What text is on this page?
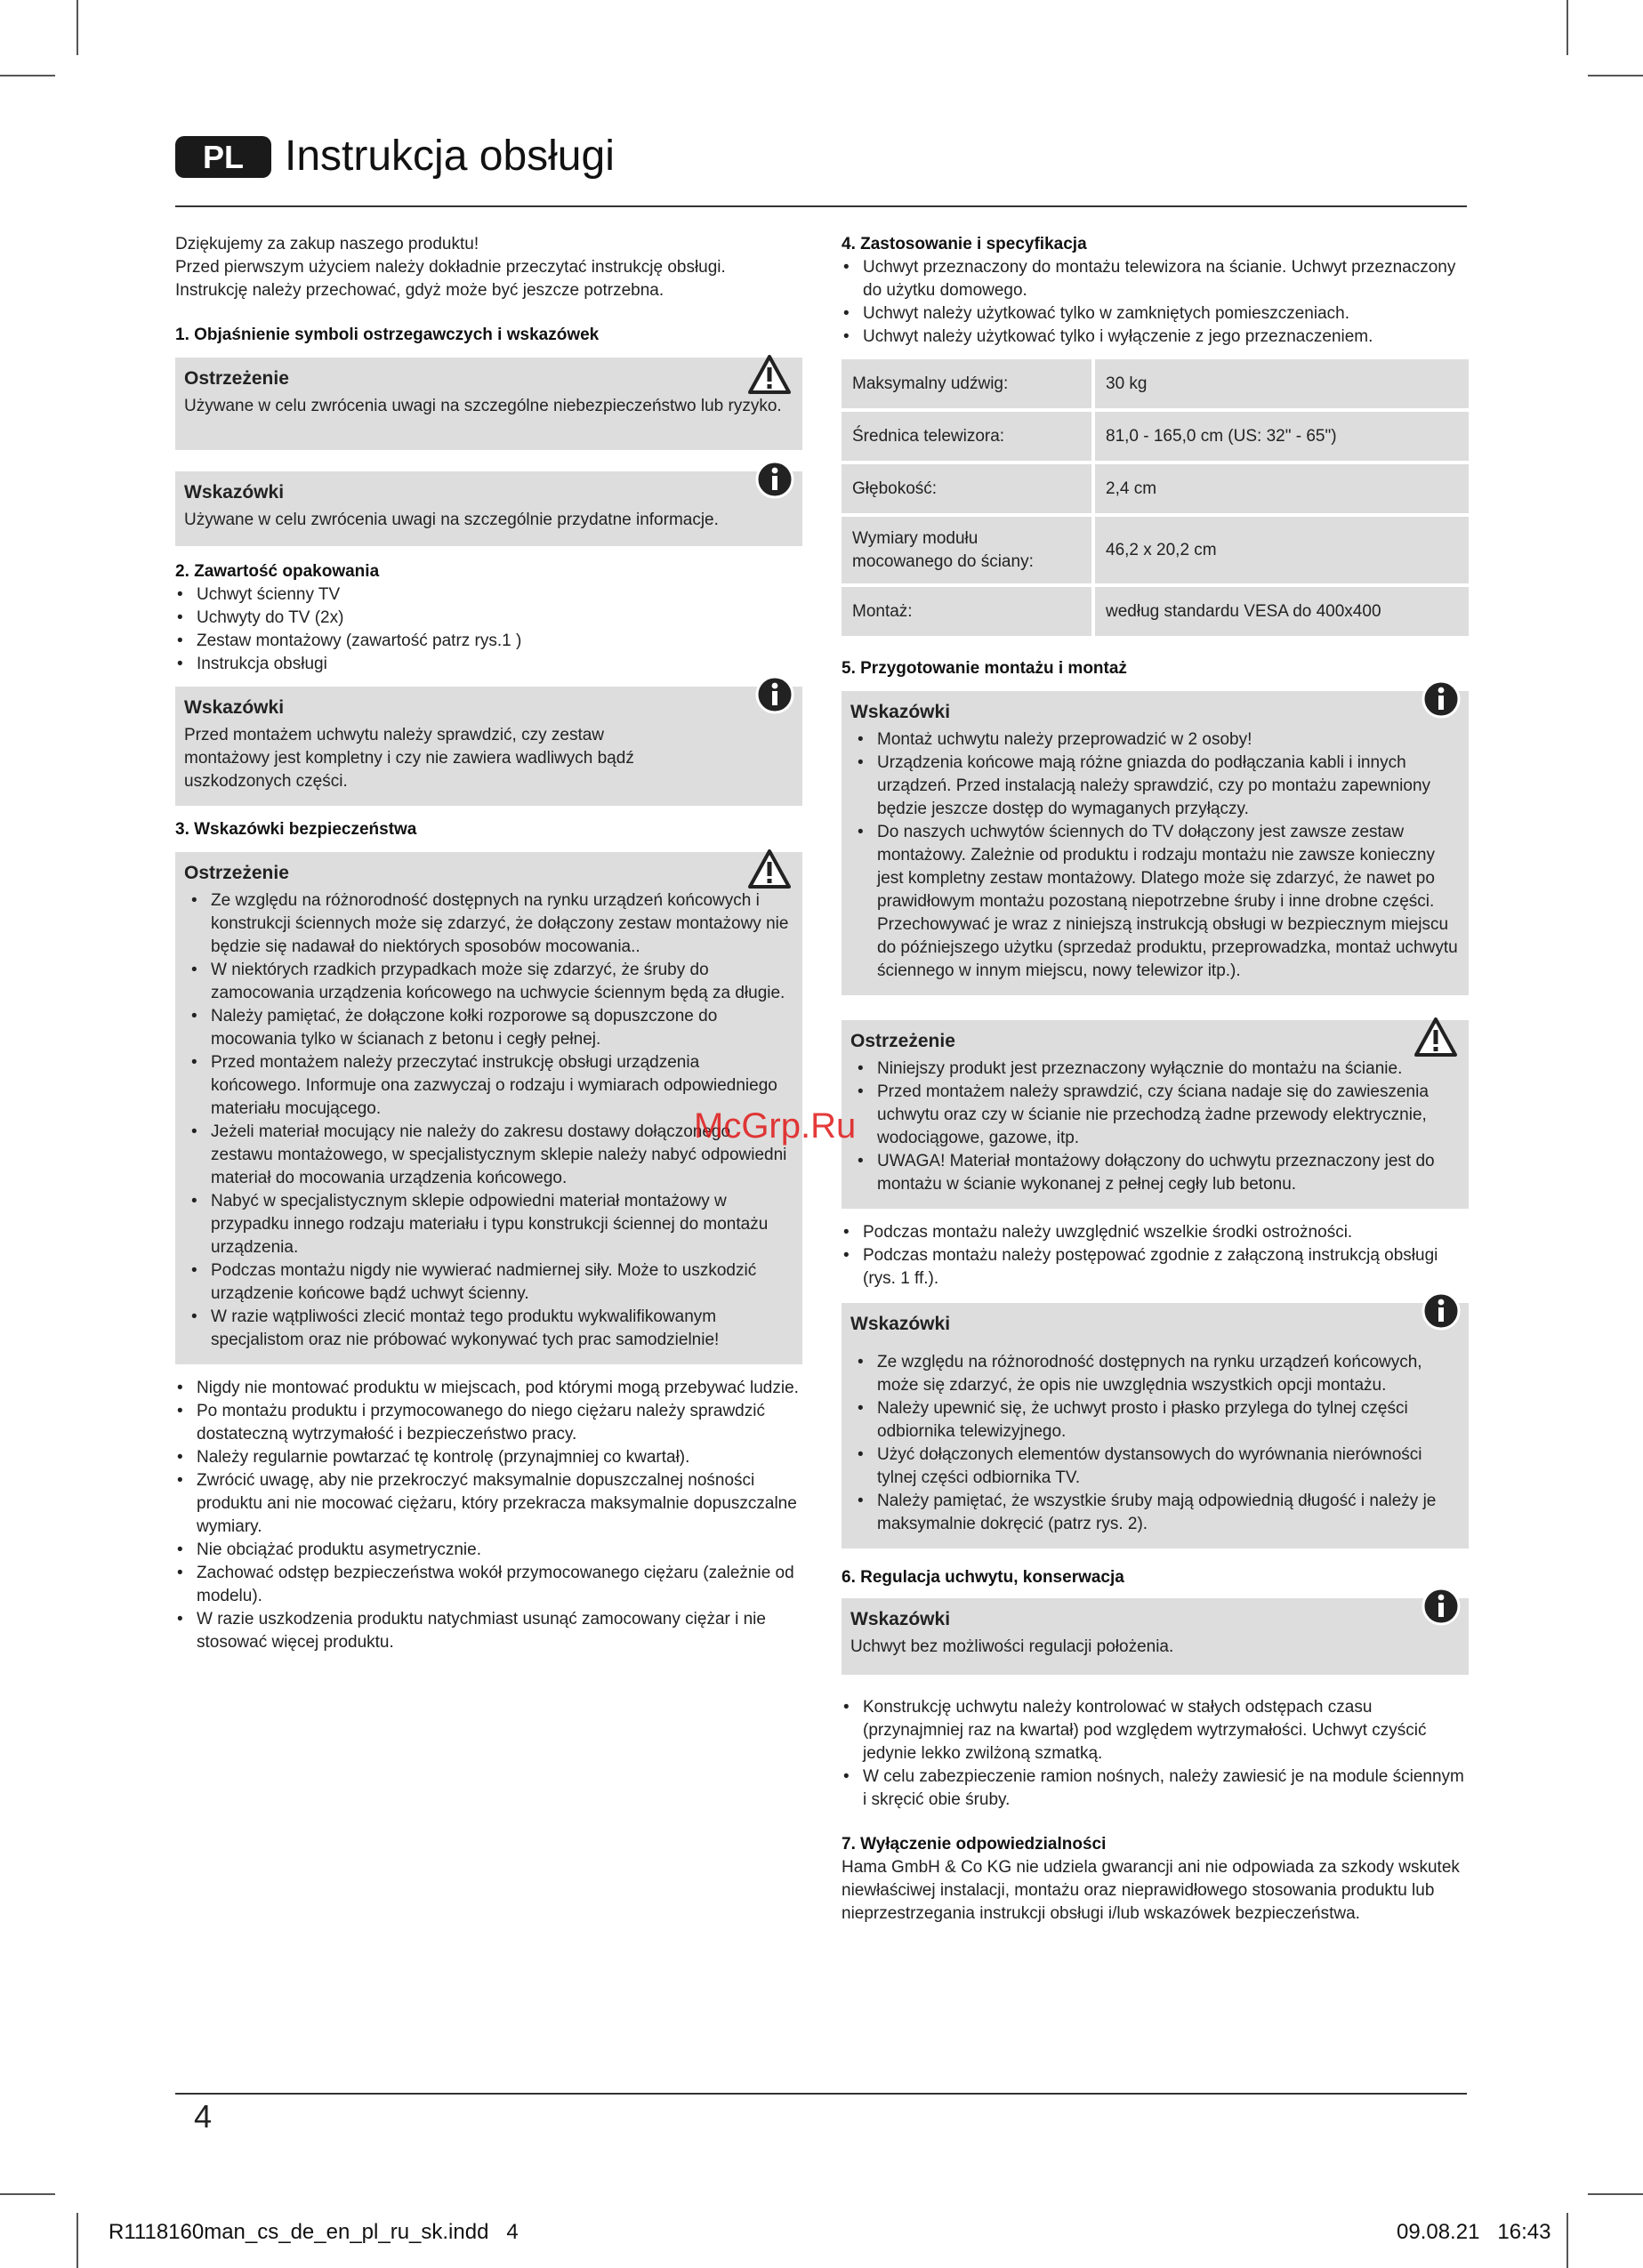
PL Instrukcja obsługi

Dziękujemy za zakup naszego produktu!

Przed pierwszym użyciem należy dokładnie przeczytać instrukcję obsługi. Instrukcję należy przechować, gdyż może być jeszcze potrzebna.

1. Objaśnienie symboli ostrzegawczych i wskazówek
Ostrzeżenie

Używane w celu zwrócenia uwagi na szczególne niebezpieczeństwo lub ryzyko.

Wskazówki

Używane w celu zwrócenia uwagi na szczególnie przydatne informacje.

2. Zawartość opakowania
• Uchwyt ścienny TV
• Uchwyty do TV (2x)
• Zestaw montażowy (zawartość patrz rys.1 )
• Instrukcja obsługi
Wskazówki

Przed montażem uchwytu należy sprawdzić, czy zestaw montażowy jest kompletny i czy nie zawiera wadliwych bądź uszkodzonych części.

3. Wskazówki bezpieczeństwa
Ostrzeżenie
• Ze względu na różnorodność dostępnych na rynku urządzeń końcowych i konstrukcji ściennych może się zdarzyć, że dołączony zestaw montażowy nie będzie się nadawał do niektórych sposobów mocowania..
• W niektórych rzadkich przypadkach może się zdarzyć, że śruby do zamocowania urządzenia końcowego na uchwycie ściennym będą za długie.
• Należy pamiętać, że dołączone kołki rozporowe są dopuszczone do mocowania tylko w ścianach z betonu i cegły pełnej.
• Przed montażem należy przeczytać instrukcję obsługi urządzenia końcowego. Informuje ona zazwyczaj o rodzaju i wymiarach odpowiedniego materiału mocującego.
• Jeżeli materiał mocujący nie należy do zakresu dostawy dołączonego zestawu montażowego, w specjalistycznym sklepie należy nabyć odpowiedni materiał do mocowania urządzenia końcowego.
• Nabyć w specjalistycznym sklepie odpowiedni materiał montażowy w przypadku innego rodzaju materiału i typu konstrukcji ściennej do montażu urządzenia.
• Podczas montażu nigdy nie wywierać nadmiernej siły. Może to uszkodzić urządzenie końcowe bądź uchwyt ścienny.
• W razie wątpliwości zlecić montaż tego produktu wykwalifikowanym specjalistom oraz nie próbować wykonywać tych prac samodzielnie!
• Nigdy nie montować produktu w miejscach, pod którymi mogą przebywać ludzie.
• Po montażu produktu i przymocowanego do niego ciężaru należy sprawdzić dostateczną wytrzymałość i bezpieczeństwo pracy.
• Należy regularnie powtarzać tę kontrolę (przynajmniej co kwartał).
• Zwrócić uwagę, aby nie przekroczyć maksymalnie dopuszczalnej nośności produktu ani nie mocować ciężaru, który przekracza maksymalnie dopuszczalne wymiary.
• Nie obciążać produktu asymetrycznie.
• Zachować odstęp bezpieczeństwa wokół przymocowanego ciężaru (zależnie od modelu).
• W razie uszkodzenia produktu natychmiast usunąć zamocowany ciężar i nie stosować więcej produktu.
4. Zastosowanie i specyfikacja
• Uchwyt przeznaczony do montażu telewizora na ścianie. Uchwyt przeznaczony do użytku domowego.
• Uchwyt należy użytkować tylko w zamkniętych pomieszczeniach.
• Uchwyt należy użytkować tylko i wyłączenie z jego przeznaczeniem.
Maksymalny udźwig:	30 kg
Średnica telewizora:	81,0 - 165,0 cm (US: 32" - 65")
Głębokość:	2,4 cm
Wymiary modułu mocowanego do ściany:	46,2 x 20,2 cm
Montaż:	według standardu VESA do 400x400
5. Przygotowanie montażu i montaż
Wskazówki
• Montaż uchwytu należy przeprowadzić w 2 osoby!
• Urządzenia końcowe mają różne gniazda do podłączania kabli i innych urządzeń. Przed instalacją należy sprawdzić, czy po montażu zapewniony będzie jeszcze dostęp do wymaganych przyłączy.
• Do naszych uchwytów ściennych do TV dołączony jest zawsze zestaw montażowy. Zależnie od produktu i rodzaju montażu nie zawsze konieczny jest kompletny zestaw montażowy. Dlatego może się zdarzyć, że nawet po prawidłowym montażu pozostaną niepotrzebne śruby i inne drobne części. Przechowywać je wraz z niniejszą instrukcją obsługi w bezpiecznym miejscu do późniejszego użytku (sprzedaż produktu, przeprowadzka, montaż uchwytu ściennego w innym miejscu, nowy telewizor itp.).
Ostrzeżenie
• Niniejszy produkt jest przeznaczony wyłącznie do montażu na ścianie.
• Przed montażem należy sprawdzić, czy ściana nadaje się do zawieszenia uchwytu oraz czy w ścianie nie przechodzą żadne przewody elektrycznie, wodociągowe, gazowe, itp.
• UWAGA! Materiał montażowy dołączony do uchwytu przeznaczony jest do montażu w ścianie wykonanej z pełnej cegły lub betonu.
• Podczas montażu należy uwzględnić wszelkie środki ostrożności.
• Podczas montażu należy postępować zgodnie z załączoną instrukcją obsługi (rys. 1 ff.).
Wskazówki
• Ze względu na różnorodność dostępnych na rynku urządzeń końcowych, może się zdarzyć, że opis nie uwzględnia wszystkich opcji montażu.
• Należy upewnić się, że uchwyt prosto i płasko przylega do tylnej części odbiornika telewizyjnego.
• Użyć dołączonych elementów dystansowych do wyrównania nierówności tylnej części odbiornika TV.
• Należy pamiętać, że wszystkie śruby mają odpowiednią długość i należy je maksymalnie dokręcić (patrz rys. 2).
6. Regulacja uchwytu, konserwacja
Wskazówki

Uchwyt bez możliwości regulacji położenia.

• Konstrukcję uchwytu należy kontrolować w stałych odstępach czasu (przynajmniej raz na kwartał) pod względem wytrzymałości. Uchwyt czyścić jedynie lekko zwilżoną szmatką.
• W celu zabezpieczenie ramion nośnych, należy zawiesić je na module ściennym i skręcić obie śruby.
7. Wyłączenie odpowiedzialności

Hama GmbH & Co KG nie udziela gwarancji ani nie odpowiada za szkody wskutek niewłaściwej instalacji, montażu oraz nieprawidłowego stosowania produktu lub nieprzestrzegania instrukcji obsługi i/lub wskazówek bezpieczeństwa.

McGrp.Ru
4
R1118160man_cs_de_en_pl_ru_sk.indd   4	09.08.21   16:43
